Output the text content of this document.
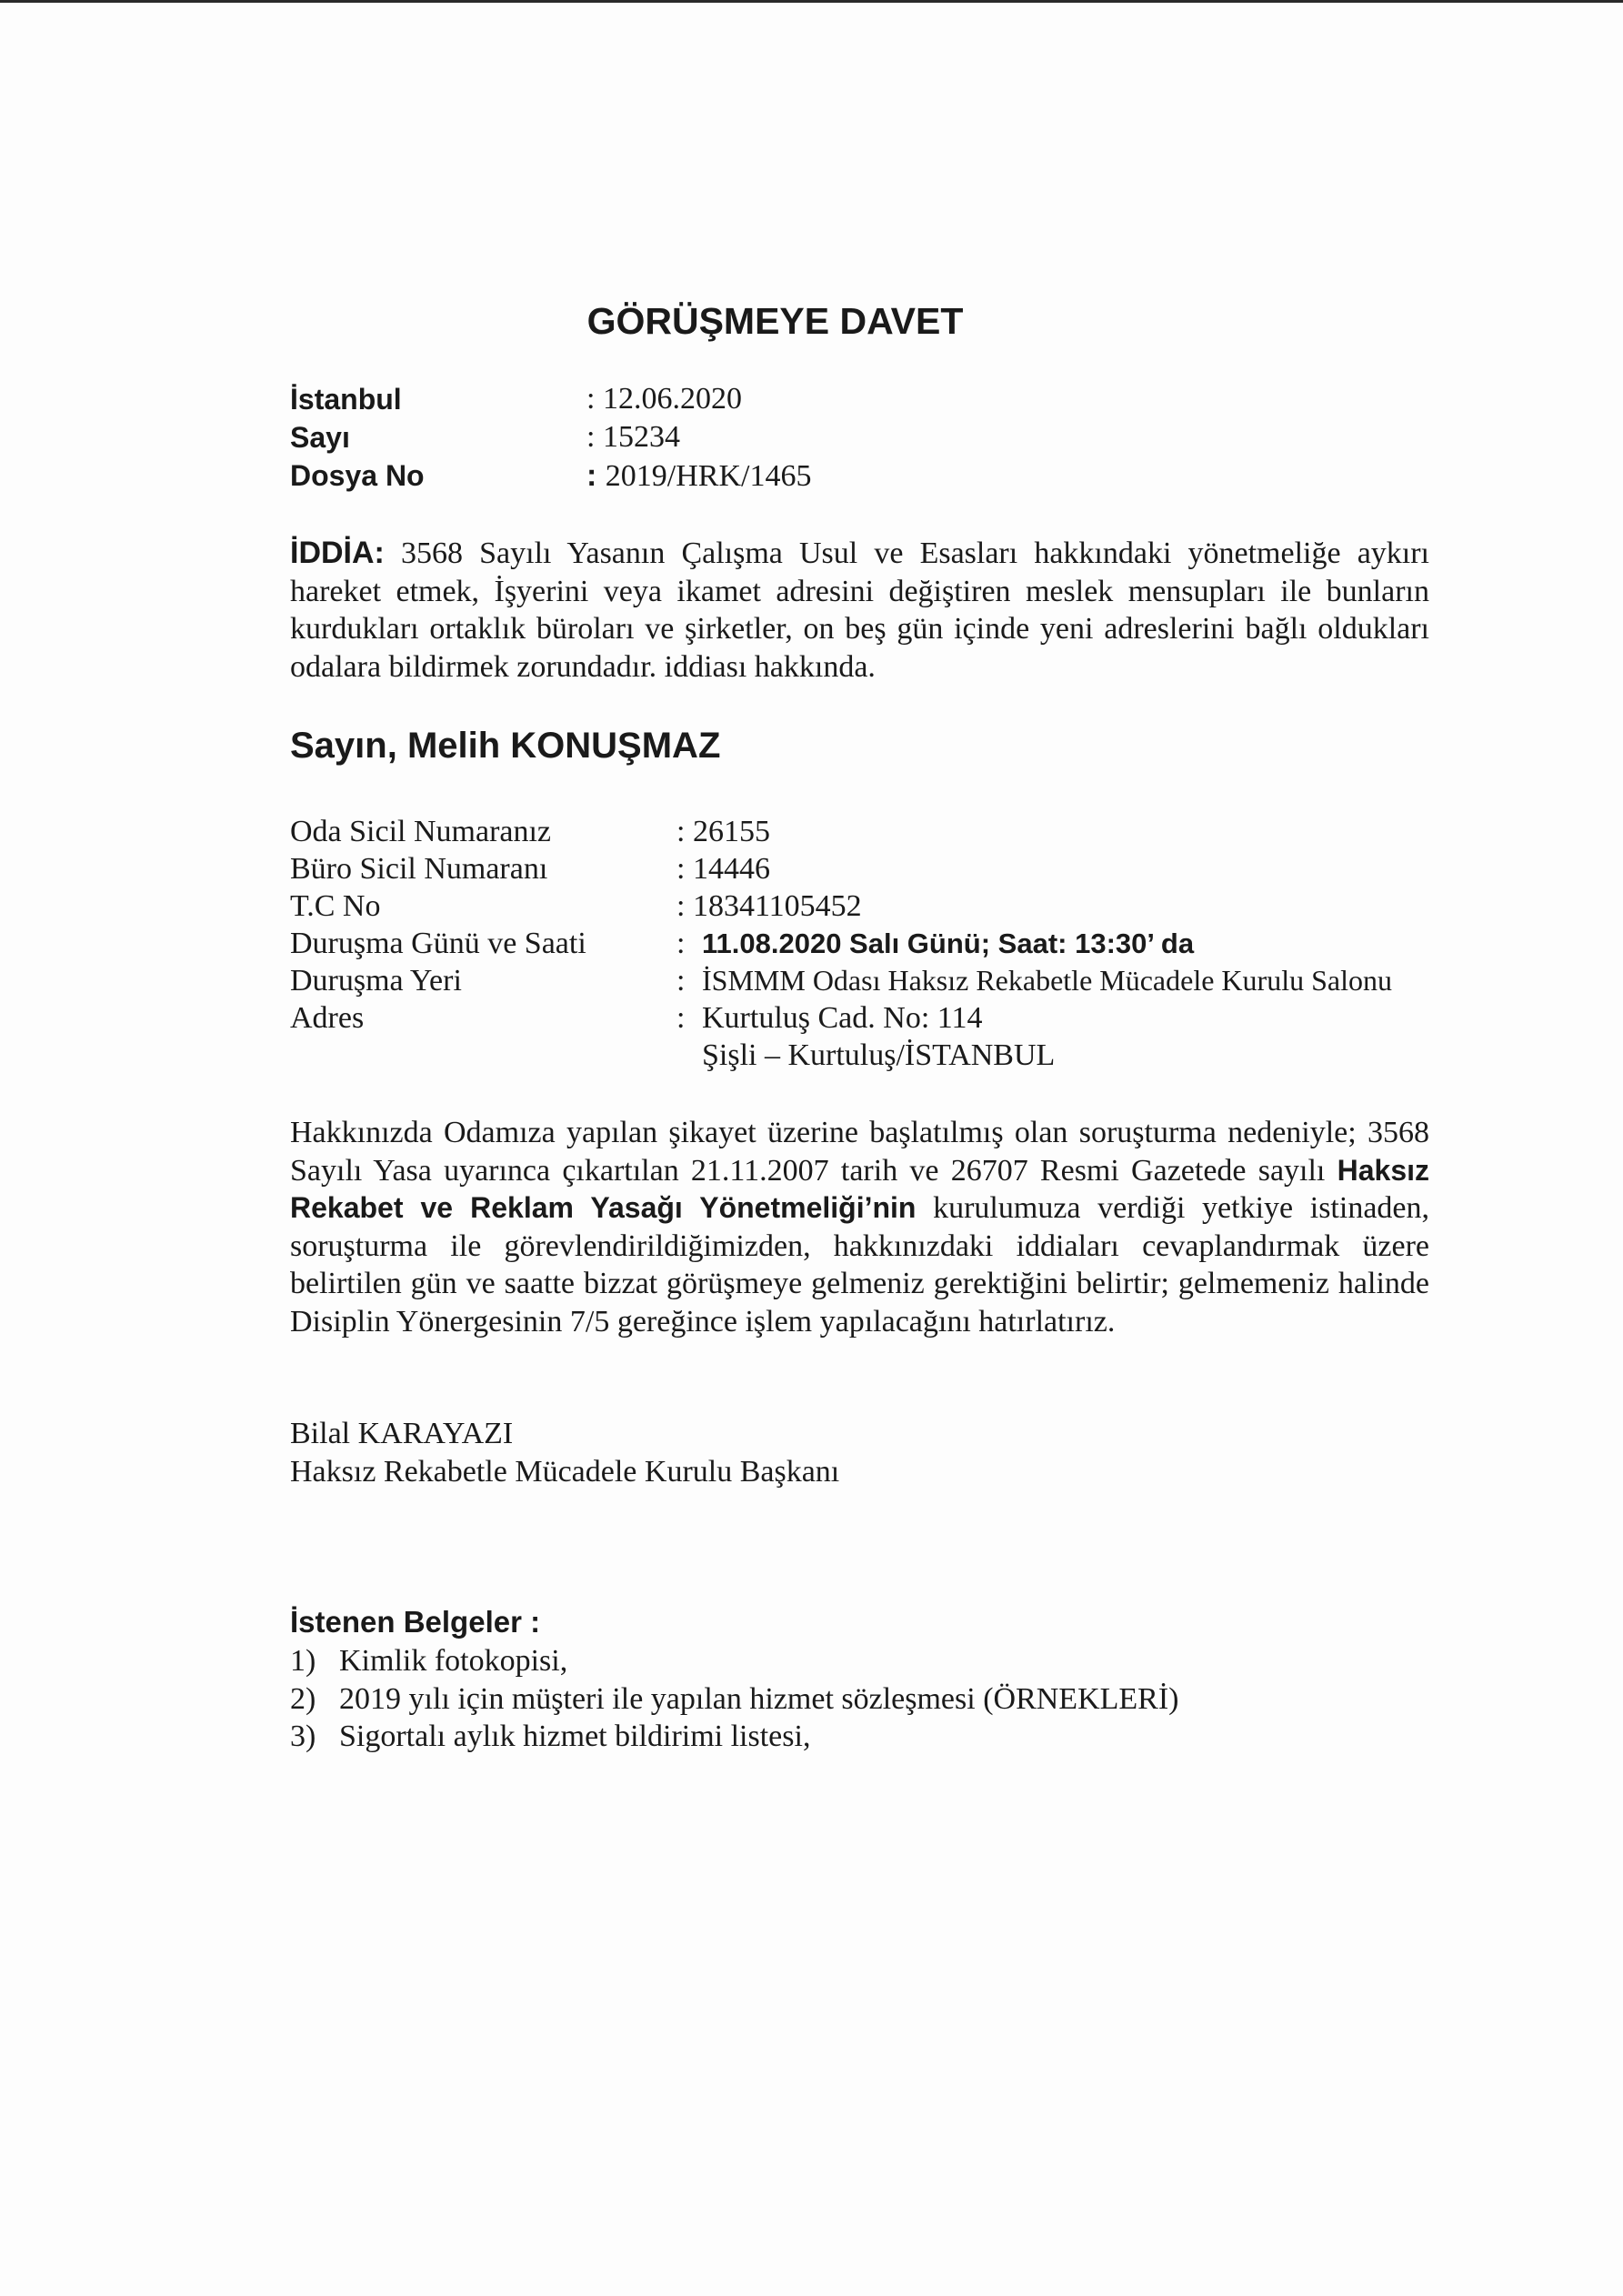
GÖRÜŞMEYE DAVET
İstanbul	: 12.06.2020
Sayı	: 15234
Dosya No	: 2019/HRK/1465

İDDİA: 3568 Sayılı Yasanın Çalışma Usul ve Esasları hakkındaki yönetmeliğe aykırı hareket etmek, İşyerini veya ikamet adresini değiştiren meslek mensupları ile bunların kurdukları ortaklık büroları ve şirketler, on beş gün içinde yeni adreslerini bağlı oldukları odalara bildirmek zorundadır. iddiası hakkında.

Sayın, Melih KONUŞMAZ
Oda Sicil Numaranız	: 26155
Büro Sicil Numaranı	: 14446
T.C No	: 18341105452
Duruşma Günü ve Saati	: 11.08.2020 Salı Günü; Saat: 13:30’ da
Duruşma Yeri	: İSMMM Odası Haksız Rekabetle Mücadele Kurulu Salonu
Adres	: Kurtuluş Cad. No: 114
Şişli – Kurtuluş/İSTANBUL

Hakkınızda Odamıza yapılan şikayet üzerine başlatılmış olan soruşturma nedeniyle; 3568 Sayılı Yasa uyarınca çıkartılan 21.11.2007 tarih ve 26707 Resmi Gazetede sayılı Haksız Rekabet ve Reklam Yasağı Yönetmeliği’nin kurulumuza verdiği yetkiye istinaden, soruşturma ile görevlendirildiğimizden, hakkınızdaki iddiaları cevaplandırmak üzere belirtilen gün ve saatte bizzat görüşmeye gelmeniz gerektiğini belirtir; gelmemeniz halinde Disiplin Yönergesinin 7/5 gereğince işlem yapılacağını hatırlatırız.

Bilal KARAYAZI
Haksız Rekabetle Mücadele Kurulu Başkanı
İstenen Belgeler :
1) Kimlik fotokopisi,
2) 2019 yılı için müşteri ile yapılan hizmet sözleşmesi (ÖRNEKLERİ)
3) Sigortalı aylık hizmet bildirimi listesi,
